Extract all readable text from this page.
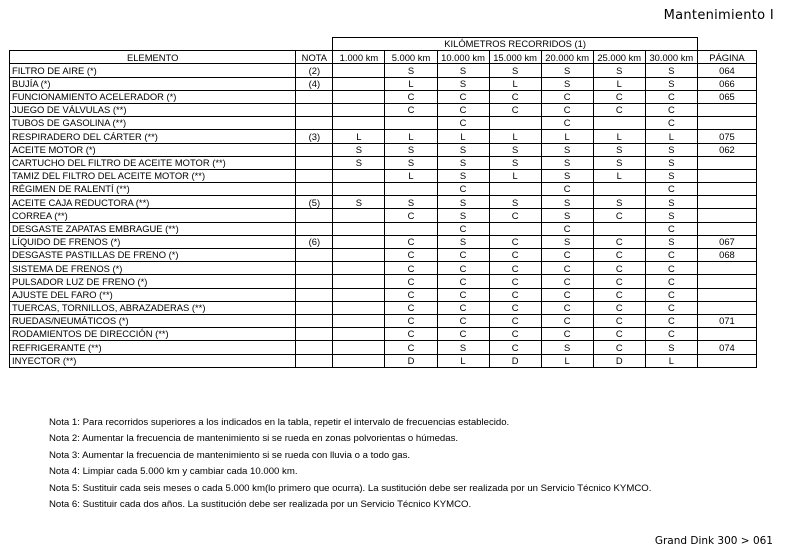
Mantenimiento I
		KILÓMETROS RECORRIDOS (1)							
ELEMENTO	NOTA	1.000 km	5.000 km	10.000 km	15.000 km	20.000 km	25.000 km	30.000 km	PÁGINA
FILTRO DE AIRE (*)	(2)		S	S	S	S	S	S	064
BUJÍA (*)	(4)		L	S	L	S	L	S	066
FUNCIONAMIENTO ACELERADOR (*)			C	C	C	C	C	C	065
JUEGO DE VÁLVULAS (**)			C	C	C	C	C	C	
TUBOS DE GASOLINA (**)				C		C		C	
RESPIRADERO DEL CÁRTER (**)	(3)	L	L	L	L	L	L	L	075
ACEITE MOTOR (*)		S	S	S	S	S	S	S	062
CARTUCHO DEL FILTRO DE ACEITE MOTOR (**)		S	S	S	S	S	S	S	
TAMIZ DEL FILTRO DEL ACEITE MOTOR (**)			L	S	L	S	L	S	
RÉGIMEN DE RALENTÍ (**)				C		C		C	
ACEITE CAJA REDUCTORA (**)	(5)	S	S	S	S	S	S	S	
CORREA (**)			C	S	C	S	C	S	
DESGASTE ZAPATAS EMBRAGUE (**)				C		C		C	
LÍQUIDO DE FRENOS (*)	(6)		C	S	C	S	C	S	067
DESGASTE PASTILLAS DE FRENO (*)			C	C	C	C	C	C	068
SISTEMA DE FRENOS (*)			C	C	C	C	C	C	
PULSADOR LUZ DE FRENO (*)			C	C	C	C	C	C	
AJUSTE DEL FARO (**)			C	C	C	C	C	C	
TUERCAS, TORNILLOS, ABRAZADERAS (**)			C	C	C	C	C	C	
RUEDAS/NEUMÁTICOS (*)			C	C	C	C	C	C	071
RODAMIENTOS DE DIRECCIÓN (**)			C	C	C	C	C	C	
REFRIGERANTE (**)			C	S	C	S	C	S	074
INYECTOR (**)			D	L	D	L	D	L	
Nota 1: Para recorridos superiores a los indicados en la tabla, repetir el intervalo de frecuencias establecido.
Nota 2: Aumentar la frecuencia de mantenimiento si se rueda en zonas polvorientas o húmedas.
Nota 3: Aumentar la frecuencia de mantenimiento si se rueda con lluvia o a todo gas.
Nota 4: Limpiar cada 5.000 km y cambiar cada 10.000 km.
Nota 5: Sustituir cada seis meses o cada 5.000 km(lo primero que ocurra). La sustitución debe ser realizada por un Servicio Técnico KYMCO.
Nota 6: Sustituir cada dos años. La sustitución debe ser realizada por un Servicio Técnico KYMCO.
Grand Dink 300 > 061
